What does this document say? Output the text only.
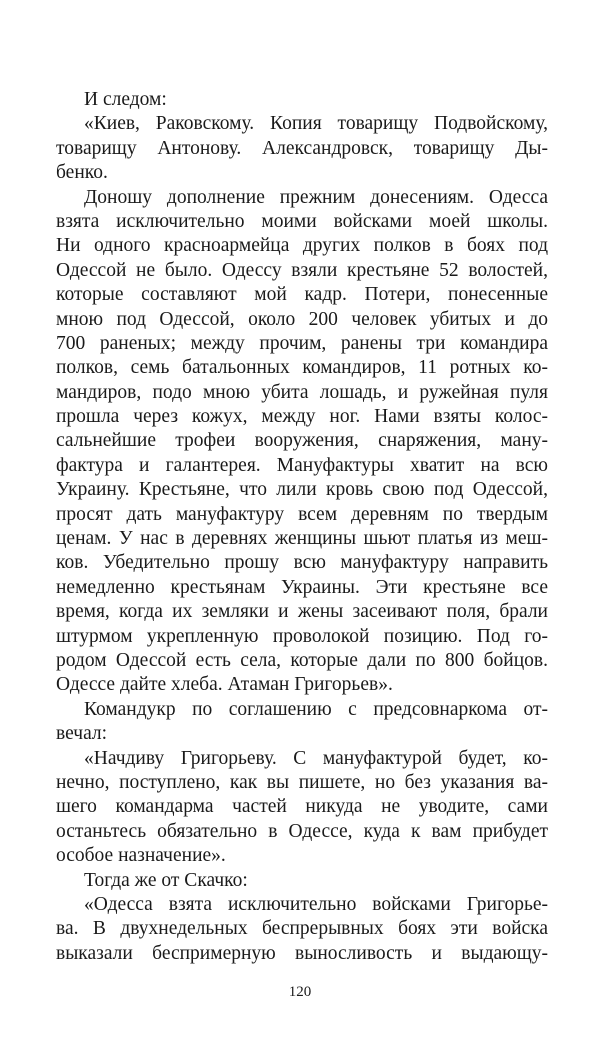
И следом:
«Киев, Раковскому. Копия товарищу Подвойскому,
товарищу Антонову. Александровск, товарищу Ды-
бенко.
Доношу дополнение прежним донесениям. Одесса
взята исключительно моими войсками моей школы.
Ни одного красноармейца других полков в боях под
Одессой не было. Одессу взяли крестьяне 52 волостей,
которые составляют мой кадр. Потери, понесенные
мною под Одессой, около 200 человек убитых и до
700 раненых; между прочим, ранены три командира
полков, семь батальонных командиров, 11 ротных ко-
мандиров, подо мною убита лошадь, и ружейная пуля
прошла через кожух, между ног. Нами взяты колос-
сальнейшие трофеи вооружения, снаряжения, ману-
фактура и галантерея. Мануфактуры хватит на всю
Украину. Крестьяне, что лили кровь свою под Одессой,
просят дать мануфактуру всем деревням по твердым
ценам. У нас в деревнях женщины шьют платья из меш-
ков. Убедительно прошу всю мануфактуру направить
немедленно крестьянам Украины. Эти крестьяне все
время, когда их земляки и жены засеивают поля, брали
штурмом укрепленную проволокой позицию. Под го-
родом Одессой есть села, которые дали по 800 бойцов.
Одессе дайте хлеба. Атаман Григорьев».
Командукр по соглашению с предсовнаркома от-
вечал:
«Начдиву Григорьеву. С мануфактурой будет, ко-
нечно, поступлено, как вы пишете, но без указания ва-
шего командарма частей никуда не уводите, сами
останьтесь обязательно в Одессе, куда к вам прибудет
особое назначение».
Тогда же от Скачко:
«Одесса взята исключительно войсками Григорье-
ва. В двухнедельных беспрерывных боях эти войска
выказали беспримерную выносливость и выдающу-
120
